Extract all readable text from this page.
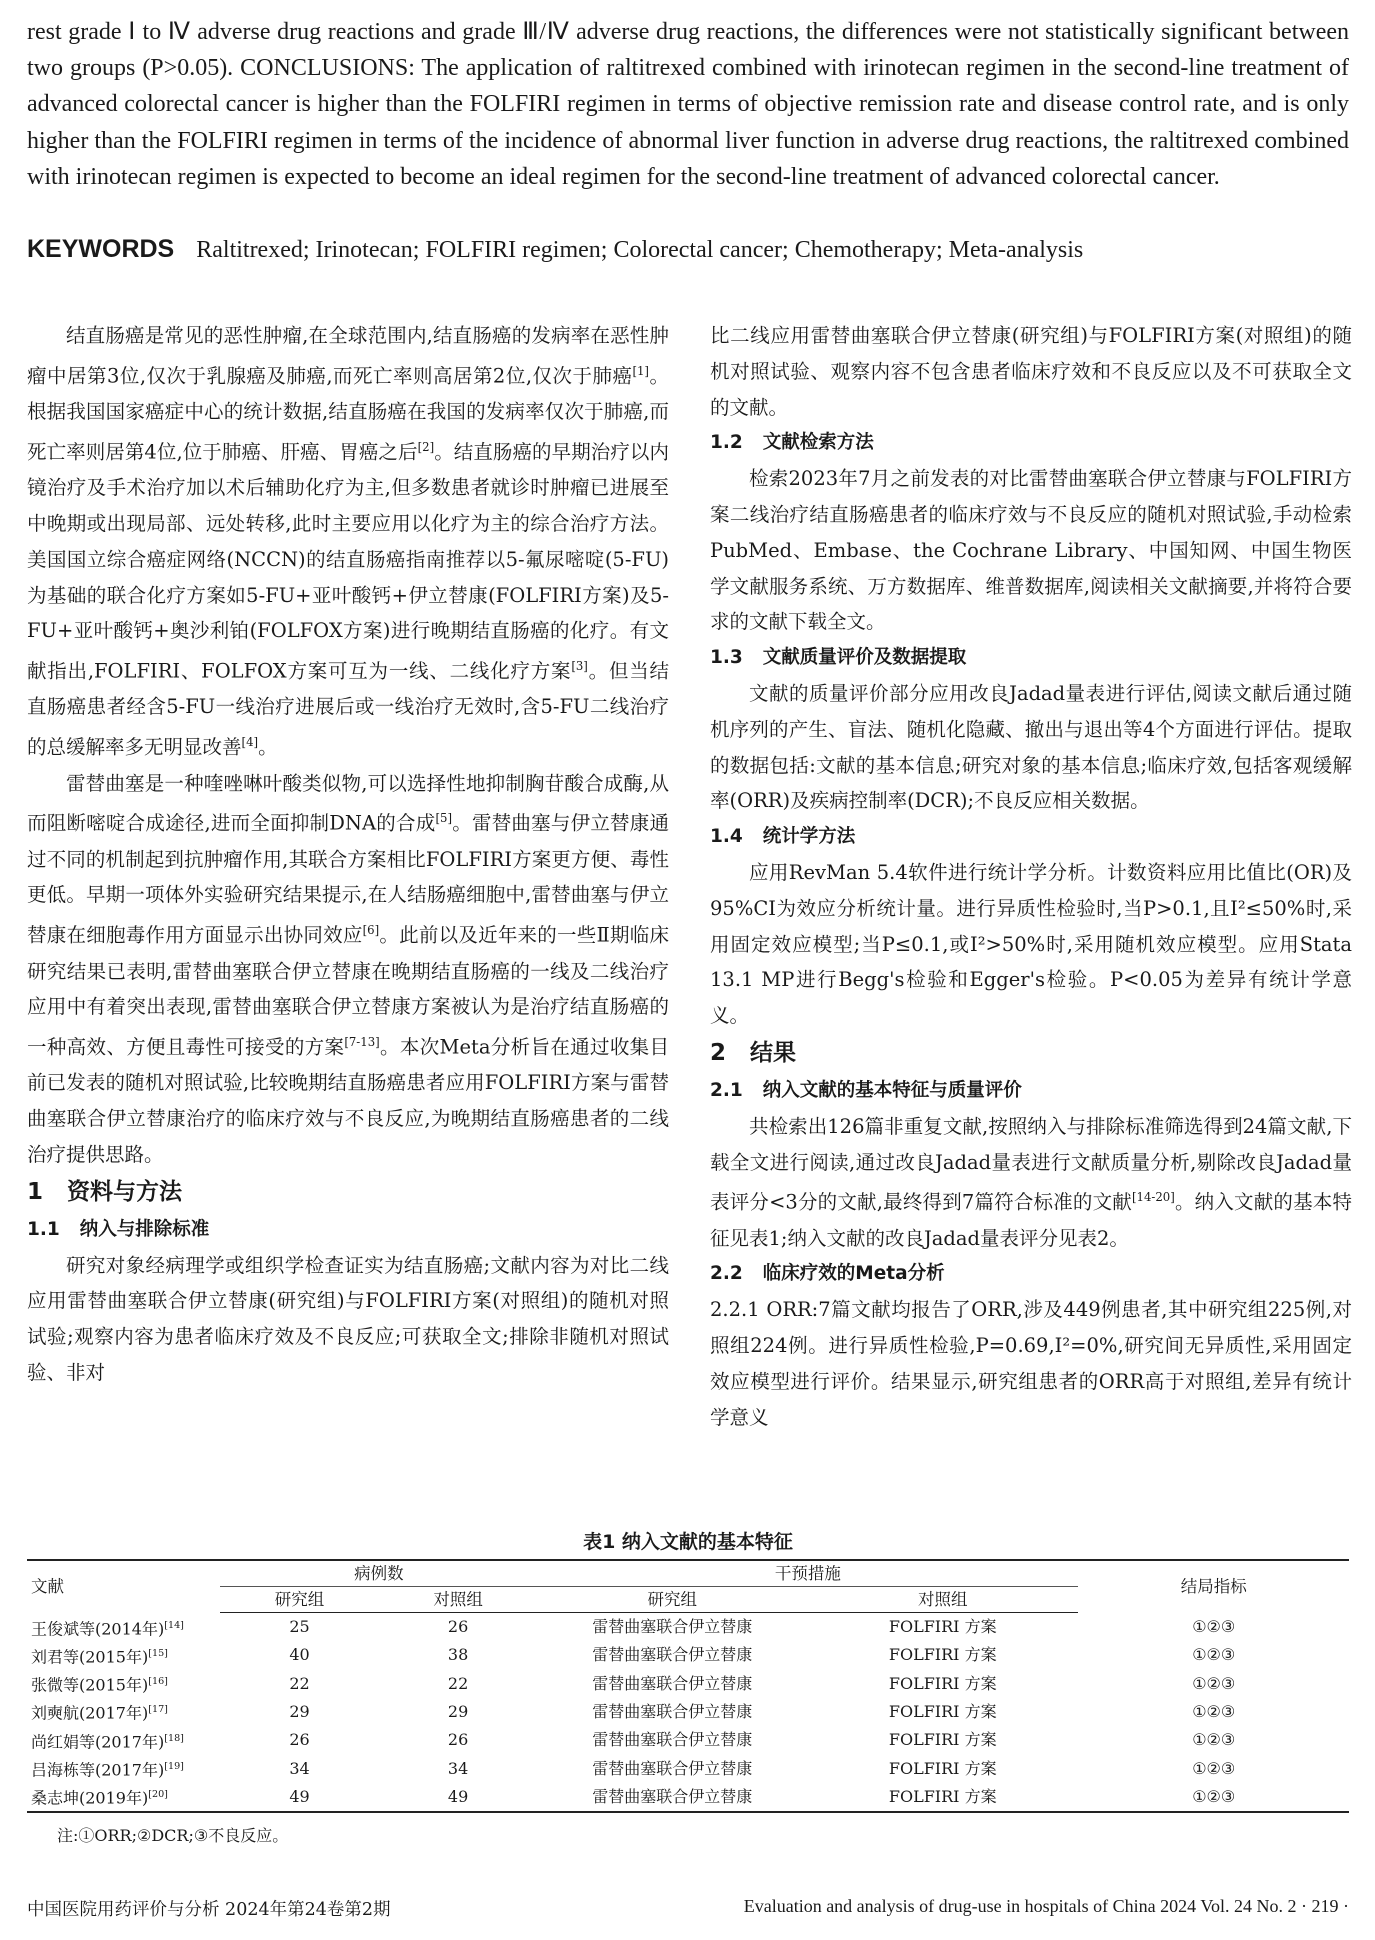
rest grade Ⅰ to Ⅳ adverse drug reactions and grade Ⅲ/Ⅳ adverse drug reactions, the differences were not statistically significant between two groups (P>0.05). CONCLUSIONS: The application of raltitrexed combined with irinotecan regimen in the second-line treatment of advanced colorectal cancer is higher than the FOLFIRI regimen in terms of objective remission rate and disease control rate, and is only higher than the FOLFIRI regimen in terms of the incidence of abnormal liver function in adverse drug reactions, the raltitrexed combined with irinotecan regimen is expected to become an ideal regimen for the second-line treatment of advanced colorectal cancer.

KEYWORDS Raltitrexed; Irinotecan; FOLFIRI regimen; Colorectal cancer; Chemotherapy; Meta-analysis

结直肠癌是常见的恶性肿瘤,在全球范围内,结直肠癌的发病率在恶性肿瘤中居第3位,仅次于乳腺癌及肺癌,而死亡率则高居第2位,仅次于肺癌[1]。根据我国国家癌症中心的统计数据,结直肠癌在我国的发病率仅次于肺癌,而死亡率则居第4位,位于肺癌、肝癌、胃癌之后[2]。结直肠癌的早期治疗以内镜治疗及手术治疗加以术后辅助化疗为主,但多数患者就诊时肿瘤已进展至中晚期或出现局部、远处转移,此时主要应用以化疗为主的综合治疗方法。美国国立综合癌症网络(NCCN)的结直肠癌指南推荐以5-氟尿嘧啶(5-FU)为基础的联合化疗方案如5-FU+亚叶酸钙+伊立替康(FOLFIRI方案)及5-FU+亚叶酸钙+奥沙利铂(FOLFOX方案)进行晚期结直肠癌的化疗。有文献指出,FOLFIRI、FOLFOX方案可互为一线、二线化疗方案[3]。但当结直肠癌患者经含5-FU一线治疗进展后或一线治疗无效时,含5-FU二线治疗的总缓解率多无明显改善[4]。

雷替曲塞是一种喹唑啉叶酸类似物,可以选择性地抑制胸苷酸合成酶,从而阻断嘧啶合成途径,进而全面抑制DNA的合成[5]。雷替曲塞与伊立替康通过不同的机制起到抗肿瘤作用,其联合方案相比FOLFIRI方案更方便、毒性更低。早期一项体外实验研究结果提示,在人结肠癌细胞中,雷替曲塞与伊立替康在细胞毒作用方面显示出协同效应[6]。此前以及近年来的一些Ⅱ期临床研究结果已表明,雷替曲塞联合伊立替康在晚期结直肠癌的一线及二线治疗应用中有着突出表现,雷替曲塞联合伊立替康方案被认为是治疗结直肠癌的一种高效、方便且毒性可接受的方案[7-13]。本次Meta分析旨在通过收集目前已发表的随机对照试验,比较晚期结直肠癌患者应用FOLFIRI方案与雷替曲塞联合伊立替康治疗的临床疗效与不良反应,为晚期结直肠癌患者的二线治疗提供思路。

1 资料与方法

1.1 纳入与排除标准

研究对象经病理学或组织学检查证实为结直肠癌;文献内容为对比二线应用雷替曲塞联合伊立替康(研究组)与FOLFIRI方案(对照组)的随机对照试验;观察内容为患者临床疗效及不良反应;可获取全文;排除非随机对照试验、非对

比二线应用雷替曲塞联合伊立替康(研究组)与FOLFIRI方案(对照组)的随机对照试验、观察内容不包含患者临床疗效和不良反应以及不可获取全文的文献。

1.2 文献检索方法

检索2023年7月之前发表的对比雷替曲塞联合伊立替康与FOLFIRI方案二线治疗结直肠癌患者的临床疗效与不良反应的随机对照试验,手动检索PubMed、Embase、the Cochrane Library、中国知网、中国生物医学文献服务系统、万方数据库、维普数据库,阅读相关文献摘要,并将符合要求的文献下载全文。

1.3 文献质量评价及数据提取

文献的质量评价部分应用改良Jadad量表进行评估,阅读文献后通过随机序列的产生、盲法、随机化隐藏、撤出与退出等4个方面进行评估。提取的数据包括:文献的基本信息;研究对象的基本信息;临床疗效,包括客观缓解率(ORR)及疾病控制率(DCR);不良反应相关数据。

1.4 统计学方法

应用RevMan 5.4软件进行统计学分析。计数资料应用比值比(OR)及95%CI为效应分析统计量。进行异质性检验时,当P>0.1,且I²≤50%时,采用固定效应模型;当P≤0.1,或I²>50%时,采用随机效应模型。应用Stata 13.1 MP进行Begg's检验和Egger's检验。P<0.05为差异有统计学意义。

2 结果

2.1 纳入文献的基本特征与质量评价

共检索出126篇非重复文献,按照纳入与排除标准筛选得到24篇文献,下载全文进行阅读,通过改良Jadad量表进行文献质量分析,剔除改良Jadad量表评分<3分的文献,最终得到7篇符合标准的文献[14-20]。纳入文献的基本特征见表1;纳入文献的改良Jadad量表评分见表2。

2.2 临床疗效的Meta分析

2.2.1 ORR:7篇文献均报告了ORR,涉及449例患者,其中研究组225例,对照组224例。进行异质性检验,P=0.69,I²=0%,研究间无异质性,采用固定效应模型进行评价。结果显示,研究组患者的ORR高于对照组,差异有统计学意义

表1 纳入文献的基本特征
文献	病例数		干预措施		结局指标
	研究组	对照组	研究组	对照组	
王俊斌等(2014年)[14]	25	26	雷替曲塞联合伊立替康	FOLFIRI 方案	①②③
刘君等(2015年)[15]	40	38	雷替曲塞联合伊立替康	FOLFIRI 方案	①②③
张微等(2015年)[16]	22	22	雷替曲塞联合伊立替康	FOLFIRI 方案	①②③
刘奭航(2017年)[17]	29	29	雷替曲塞联合伊立替康	FOLFIRI 方案	①②③
尚红娟等(2017年)[18]	26	26	雷替曲塞联合伊立替康	FOLFIRI 方案	①②③
吕海栋等(2017年)[19]	34	34	雷替曲塞联合伊立替康	FOLFIRI 方案	①②③
桑志坤(2019年)[20]	49	49	雷替曲塞联合伊立替康	FOLFIRI 方案	①②③
注:①ORR;②DCR;③不良反应。
中国医院用药评价与分析 2024年第24卷第2期	Evaluation and analysis of drug-use in hospitals of China 2024 Vol. 24 No. 2 · 219 ·
